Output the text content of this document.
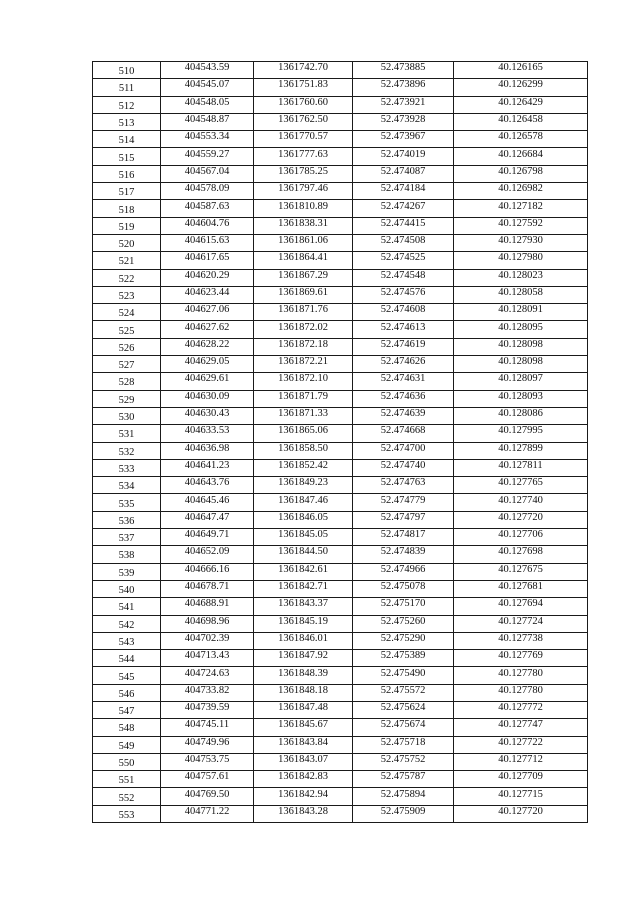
510	404543.59	1361742.70	52.473885	40.126165
511	404545.07	1361751.83	52.473896	40.126299
512	404548.05	1361760.60	52.473921	40.126429
513	404548.87	1361762.50	52.473928	40.126458
514	404553.34	1361770.57	52.473967	40.126578
515	404559.27	1361777.63	52.474019	40.126684
516	404567.04	1361785.25	52.474087	40.126798
517	404578.09	1361797.46	52.474184	40.126982
518	404587.63	1361810.89	52.474267	40.127182
519	404604.76	1361838.31	52.474415	40.127592
520	404615.63	1361861.06	52.474508	40.127930
521	404617.65	1361864.41	52.474525	40.127980
522	404620.29	1361867.29	52.474548	40.128023
523	404623.44	1361869.61	52.474576	40.128058
524	404627.06	1361871.76	52.474608	40.128091
525	404627.62	1361872.02	52.474613	40.128095
526	404628.22	1361872.18	52.474619	40.128098
527	404629.05	1361872.21	52.474626	40.128098
528	404629.61	1361872.10	52.474631	40.128097
529	404630.09	1361871.79	52.474636	40.128093
530	404630.43	1361871.33	52.474639	40.128086
531	404633.53	1361865.06	52.474668	40.127995
532	404636.98	1361858.50	52.474700	40.127899
533	404641.23	1361852.42	52.474740	40.127811
534	404643.76	1361849.23	52.474763	40.127765
535	404645.46	1361847.46	52.474779	40.127740
536	404647.47	1361846.05	52.474797	40.127720
537	404649.71	1361845.05	52.474817	40.127706
538	404652.09	1361844.50	52.474839	40.127698
539	404666.16	1361842.61	52.474966	40.127675
540	404678.71	1361842.71	52.475078	40.127681
541	404688.91	1361843.37	52.475170	40.127694
542	404698.96	1361845.19	52.475260	40.127724
543	404702.39	1361846.01	52.475290	40.127738
544	404713.43	1361847.92	52.475389	40.127769
545	404724.63	1361848.39	52.475490	40.127780
546	404733.82	1361848.18	52.475572	40.127780
547	404739.59	1361847.48	52.475624	40.127772
548	404745.11	1361845.67	52.475674	40.127747
549	404749.96	1361843.84	52.475718	40.127722
550	404753.75	1361843.07	52.475752	40.127712
551	404757.61	1361842.83	52.475787	40.127709
552	404769.50	1361842.94	52.475894	40.127715
553	404771.22	1361843.28	52.475909	40.127720
